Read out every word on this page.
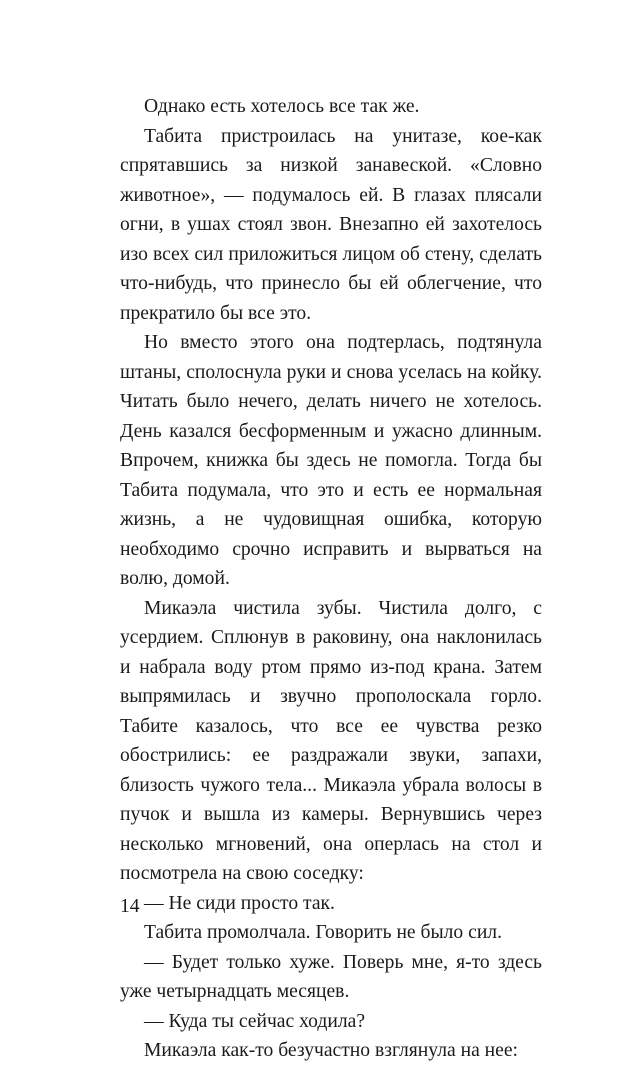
Однако есть хотелось все так же.

Табита пристроилась на унитазе, кое-как спрятавшись за низкой занавеской. «Словно животное», — подумалось ей. В глазах плясали огни, в ушах стоял звон. Внезапно ей захотелось изо всех сил приложиться лицом об стену, сделать что-нибудь, что принесло бы ей облегчение, что прекратило бы все это.

Но вместо этого она подтерлась, подтянула штаны, сполоснула руки и снова уселась на койку. Читать было нечего, делать ничего не хотелось. День казался бесформенным и ужасно длинным. Впрочем, книжка бы здесь не помогла. Тогда бы Табита подумала, что это и есть ее нормальная жизнь, а не чудовищная ошибка, которую необходимо срочно исправить и вырваться на волю, домой.

Микаэла чистила зубы. Чистила долго, с усердием. Сплюнув в раковину, она наклонилась и набрала воду ртом прямо из-под крана. Затем выпрямилась и звучно прополоскала горло. Табите казалось, что все ее чувства резко обострились: ее раздражали звуки, запахи, близость чужого тела... Микаэла убрала волосы в пучок и вышла из камеры. Вернувшись через несколько мгновений, она оперлась на стол и посмотрела на свою соседку:

— Не сиди просто так.

Табита промолчала. Говорить не было сил.

— Будет только хуже. Поверь мне, я-то здесь уже четырнадцать месяцев.

— Куда ты сейчас ходила?

Микаэла как-то безучастно взглянула на нее:

14
